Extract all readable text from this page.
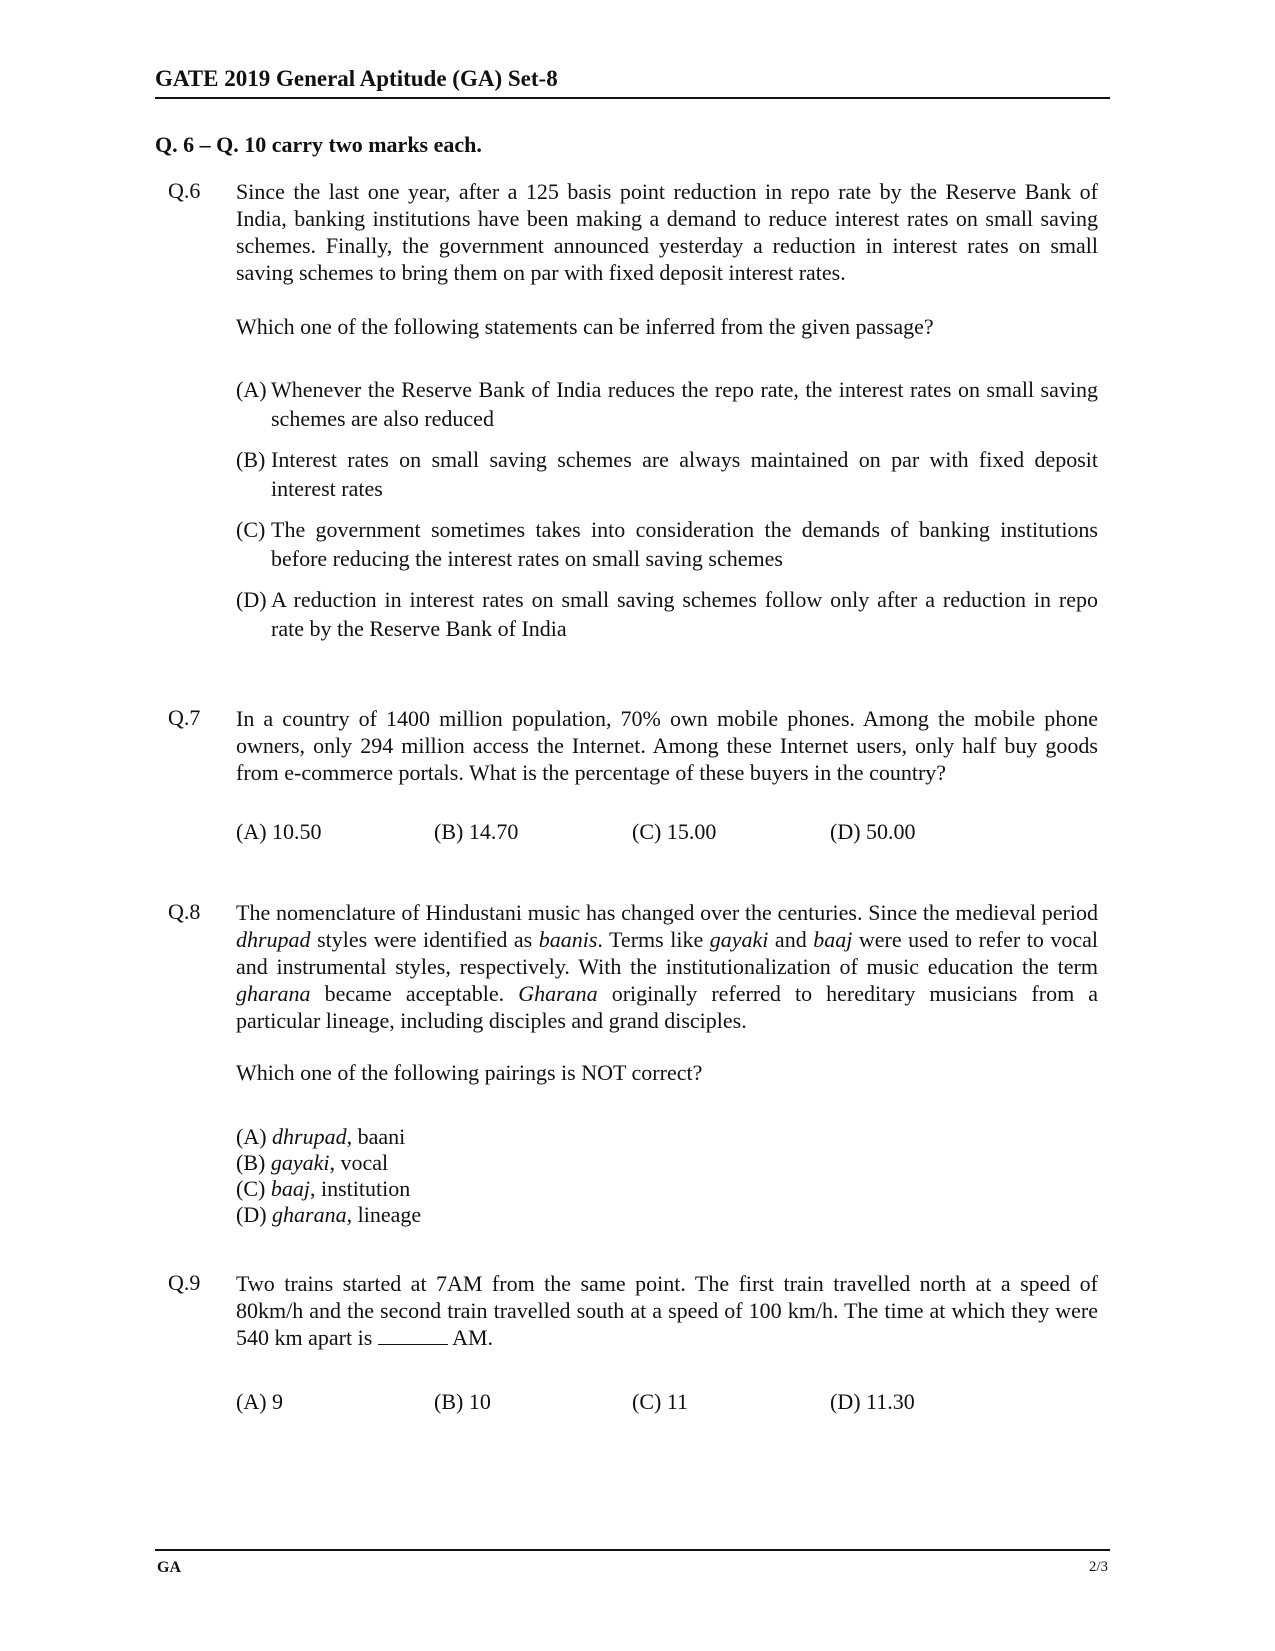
GATE 2019 General Aptitude (GA) Set-8
Q. 6 – Q. 10 carry two marks each.
Q.6 Since the last one year, after a 125 basis point reduction in repo rate by the Reserve Bank of India, banking institutions have been making a demand to reduce interest rates on small saving schemes. Finally, the government announced yesterday a reduction in interest rates on small saving schemes to bring them on par with fixed deposit interest rates.

Which one of the following statements can be inferred from the given passage?

(A) Whenever the Reserve Bank of India reduces the repo rate, the interest rates on small saving schemes are also reduced
(B) Interest rates on small saving schemes are always maintained on par with fixed deposit interest rates
(C) The government sometimes takes into consideration the demands of banking institutions before reducing the interest rates on small saving schemes
(D) A reduction in interest rates on small saving schemes follow only after a reduction in repo rate by the Reserve Bank of India
Q.7 In a country of 1400 million population, 70% own mobile phones. Among the mobile phone owners, only 294 million access the Internet. Among these Internet users, only half buy goods from e-commerce portals. What is the percentage of these buyers in the country?

(A) 10.50	(B) 14.70	(C) 15.00	(D) 50.00
Q.8 The nomenclature of Hindustani music has changed over the centuries. Since the medieval period dhrupad styles were identified as baanis. Terms like gayaki and baaj were used to refer to vocal and instrumental styles, respectively. With the institutionalization of music education the term gharana became acceptable. Gharana originally referred to hereditary musicians from a particular lineage, including disciples and grand disciples.

Which one of the following pairings is NOT correct?

(A) dhrupad, baani
(B) gayaki, vocal
(C) baaj, institution
(D) gharana, lineage
Q.9 Two trains started at 7AM from the same point. The first train travelled north at a speed of 80km/h and the second train travelled south at a speed of 100 km/h. The time at which they were 540 km apart is	AM.

(A) 9	(B) 10	(C) 11	(D) 11.30
GA	2/3
